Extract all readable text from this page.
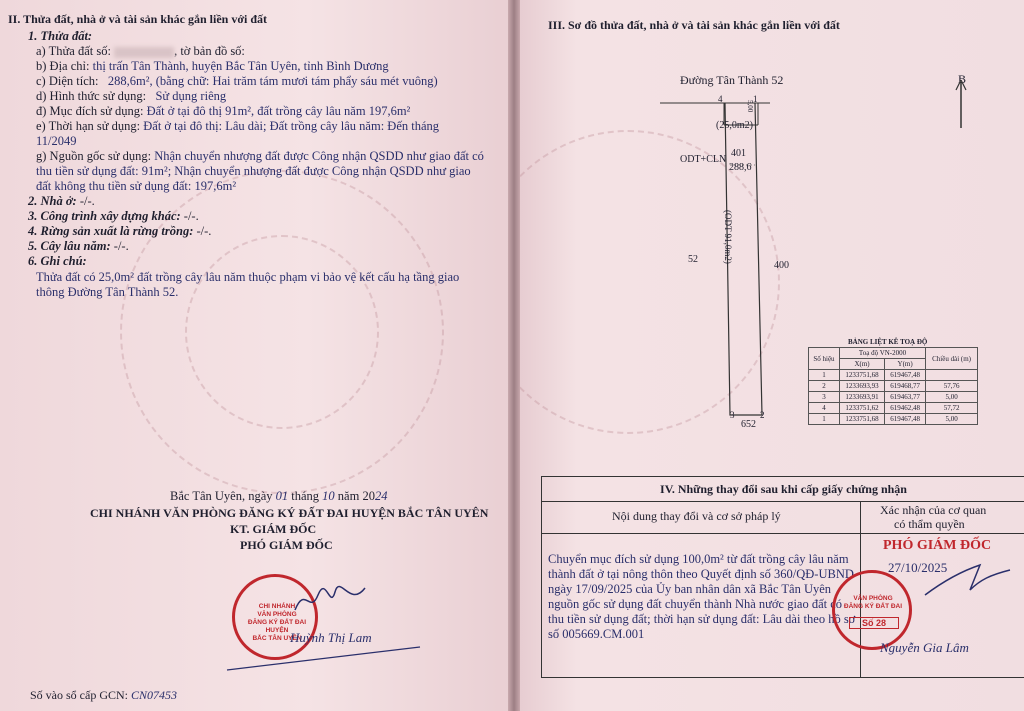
II. Thửa đất, nhà ở và tài sản khác gắn liền với đất
1. Thửa đất:
a) Thửa đất số:	, tờ bản đồ số:
b) Địa chỉ: thị trấn Tân Thành, huyện Bắc Tân Uyên, tỉnh Bình Dương
c) Diện tích: 288,6m², (bằng chữ: Hai trăm tám mươi tám phẩy sáu mét vuông)
d) Hình thức sử dụng: Sử dụng riêng
đ) Mục đích sử dụng: Đất ở tại đô thị 91m², đất trồng cây lâu năm 197,6m²
e) Thời hạn sử dụng: Đất ở tại đô thị: Lâu dài; Đất trồng cây lâu năm: Đến tháng
11/2049
g) Nguồn gốc sử dụng: Nhận chuyển nhượng đất được Công nhận QSDD như giao đất có
thu tiền sử dụng đất: 91m²; Nhận chuyển nhượng đất được Công nhận QSDD như giao
đất không thu tiền sử dụng đất: 197,6m²
2. Nhà ở: -/-.
3. Công trình xây dựng khác: -/-.
4. Rừng sản xuất là rừng trồng: -/-.
5. Cây lâu năm: -/-.
6. Ghi chú:
Thửa đất có 25,0m² đất trồng cây lâu năm thuộc phạm vi bảo vệ kết cấu hạ tầng giao
thông Đường Tân Thành 52.
Bắc Tân Uyên, ngày 01 tháng 10 năm 2024
CHI NHÁNH VĂN PHÒNG ĐĂNG KÝ ĐẤT ĐAI HUYỆN BẮC TÂN UYÊN
KT. GIÁM ĐỐC
PHÓ GIÁM ĐỐC
CHI NHÁNH
VĂN PHÒNG
ĐĂNG KÝ ĐẤT ĐAI
HUYỆN
BẮC TÂN UYÊN
Huỳnh Thị Lam
Số vào sổ cấp GCN: CN07453
III. Sơ đồ thửa đất, nhà ở và tài sản khác gắn liền với đất
Đường Tân Thành 52	B
4	1
(25,0m2)
ODT+CLN
401
288,6
(ODT 91,0m2)
52
400
3	2
652
5,00
BẢNG LIỆT KÊ TOẠ ĐỘ
Số hiệu	Toạ độ VN-2000		Chiều dài (m)
	X(m)	Y(m)	
1	1233751,68	619467,48	
2	1233693,93	619468,77	57,76
3	1233693,91	619463,77	5,00
4	1233751,62	619462,48	57,72
1	1233751,68	619467,48	5,00
IV. Những thay đổi sau khi cấp giấy chứng nhận
Nội dung thay đổi và cơ sở pháp lý	Xác nhận của cơ quan
có thẩm quyền
Chuyển mục đích sử dụng 100,0m² từ đất trồng cây lâu năm
thành đất ở tại nông thôn theo Quyết định số 360/QĐ-UBND
ngày 17/09/2025 của Ủy ban nhân dân xã Bắc Tân Uyên
nguồn gốc sử dụng đất chuyển thành Nhà nước giao đất có
thu tiền sử dụng đất; thời hạn sử dụng đất: Lâu dài theo hồ sơ
số 005669.CM.001
PHÓ GIÁM ĐỐC
27/10/2025
VĂN PHÒNG
ĐĂNG KÝ ĐẤT ĐAI
Số 28
Nguyễn Gia Lâm
